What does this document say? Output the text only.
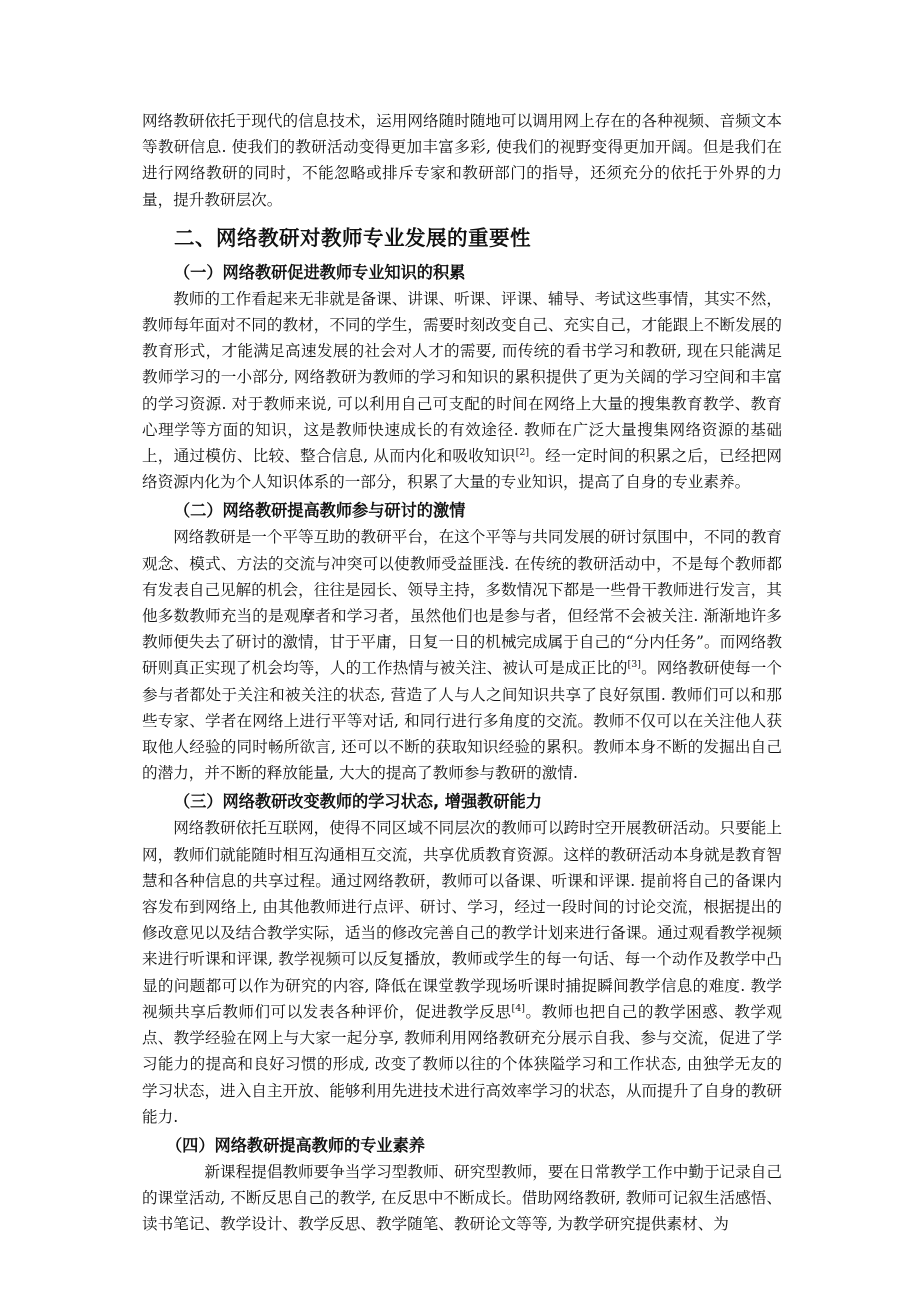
网络教研依托于现代的信息技术，运用网络随时随地可以调用网上存在的各种视频、音频文本等教研信息. 使我们的教研活动变得更加丰富多彩, 使我们的视野变得更加开阔。但是我们在进行网络教研的同时，不能忽略或排斥专家和教研部门的指导，还须充分的依托于外界的力量，提升教研层次。

二、网络教研对教师专业发展的重要性
（一）网络教研促进教师专业知识的积累

教师的工作看起来无非就是备课、讲课、听课、评课、辅导、考试这些事情，其实不然，教师每年面对不同的教材，不同的学生，需要时刻改变自己、充实自己，才能跟上不断发展的教育形式，才能满足高速发展的社会对人才的需要, 而传统的看书学习和教研, 现在只能满足教师学习的一小部分, 网络教研为教师的学习和知识的累积提供了更为关阔的学习空间和丰富的学习资源. 对于教师来说, 可以利用自己可支配的时间在网络上大量的搜集教育教学、教育心理学等方面的知识，这是教师快速成长的有效途径. 教师在广泛大量搜集网络资源的基础上，通过模仿、比较、整合信息, 从而内化和吸收知识[2]。经一定时间的积累之后，已经把网络资源内化为个人知识体系的一部分，积累了大量的专业知识，提高了自身的专业素养。

（二）网络教研提高教师参与研讨的激情

网络教研是一个平等互助的教研平台，在这个平等与共同发展的研讨氛围中，不同的教育观念、模式、方法的交流与冲突可以使教师受益匪浅. 在传统的教研活动中，不是每个教师都有发表自己见解的机会，往往是园长、领导主持，多数情况下都是一些骨干教师进行发言，其他多数教师充当的是观摩者和学习者，虽然他们也是参与者，但经常不会被关注. 渐渐地许多教师便失去了研讨的激情，甘于平庸，日复一日的机械完成属于自己的“分内任务”。而网络教研则真正实现了机会均等，人的工作热情与被关注、被认可是成正比的[3]。网络教研使每一个参与者都处于关注和被关注的状态, 营造了人与人之间知识共享了良好氛围. 教师们可以和那些专家、学者在网络上进行平等对话, 和同行进行多角度的交流。教师不仅可以在关注他人获取他人经验的同时畅所欲言, 还可以不断的获取知识经验的累积。教师本身不断的发掘出自己的潜力，并不断的释放能量, 大大的提高了教师参与教研的激情.

（三）网络教研改变教师的学习状态, 增强教研能力

网络教研依托互联网，使得不同区域不同层次的教师可以跨时空开展教研活动。只要能上网，教师们就能随时相互沟通相互交流，共享优质教育资源。这样的教研活动本身就是教育智慧和各种信息的共享过程。通过网络教研，教师可以备课、听课和评课. 提前将自己的备课内容发布到网络上, 由其他教师进行点评、研讨、学习，经过一段时间的讨论交流，根据提出的修改意见以及结合教学实际，适当的修改完善自己的教学计划来进行备课。通过观看教学视频来进行听课和评课, 教学视频可以反复播放，教师或学生的每一句话、每一个动作及教学中凸显的问题都可以作为研究的内容, 降低在课堂教学现场听课时捕捉瞬间教学信息的难度. 教学视频共享后教师们可以发表各种评价，促进教学反思[4]。教师也把自己的教学困惑、教学观点、教学经验在网上与大家一起分享, 教师利用网络教研充分展示自我、参与交流，促进了学习能力的提高和良好习惯的形成, 改变了教师以往的个体狭隘学习和工作状态, 由独学无友的学习状态，进入自主开放、能够利用先进技术进行高效率学习的状态，从而提升了自身的教研能力.

（四）网络教研提高教师的专业素养

新课程提倡教师要争当学习型教师、研究型教师，要在日常教学工作中勤于记录自己的课堂活动, 不断反思自己的教学, 在反思中不断成长。借助网络教研, 教师可记叙生活感悟、读书笔记、教学设计、教学反思、教学随笔、教研论文等等, 为教学研究提供素材、为
